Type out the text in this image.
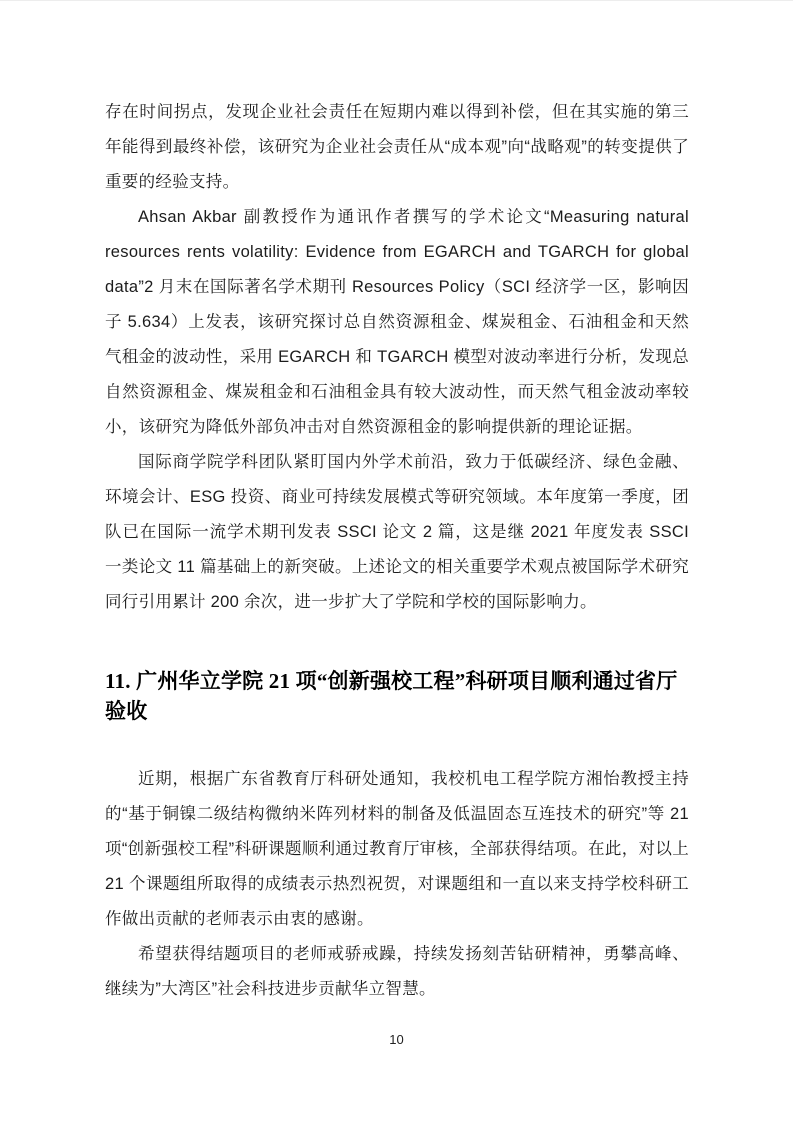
存在时间拐点，发现企业社会责任在短期内难以得到补偿，但在其实施的第三年能得到最终补偿，该研究为企业社会责任从“成本观”向“战略观”的转变提供了重要的经验支持。

Ahsan Akbar 副教授作为通讯作者撰写的学术论文“Measuring natural resources rents volatility: Evidence from EGARCH and TGARCH for global data”2 月末在国际著名学术期刊 Resources Policy（SCI 经济学一区，影响因子 5.634）上发表，该研究探讨总自然资源租金、煤炭租金、石油租金和天然气租金的波动性，采用 EGARCH 和 TGARCH 模型对波动率进行分析，发现总自然资源租金、煤炭租金和石油租金具有较大波动性，而天然气租金波动率较小，该研究为降低外部负冲击对自然资源租金的影响提供新的理论证据。

国际商学院学科团队紧盯国内外学术前沿，致力于低碳经济、绿色金融、环境会计、ESG 投资、商业可持续发展模式等研究领域。本年度第一季度，团队已在国际一流学术期刊发表 SSCI 论文 2 篇，这是继 2021 年度发表 SSCI 一类论文 11 篇基础上的新突破。上述论文的相关重要学术观点被国际学术研究同行引用累计 200 余次，进一步扩大了学院和学校的国际影响力。

11. 广州华立学院 21 项“创新强校工程”科研项目顺利通过省厅验收

近期，根据广东省教育厅科研处通知，我校机电工程学院方湘怡教授主持的“基于铜镍二级结构微纳米阵列材料的制备及低温固态互连技术的研究”等 21 项“创新强校工程”科研课题顺利通过教育厅审核，全部获得结项。在此，对以上 21 个课题组所取得的成绩表示热烈祝贺，对课题组和一直以来支持学校科研工作做出贡献的老师表示由衷的感谢。

希望获得结题项目的老师戒骄戒躁，持续发扬刻苦钻研精神，勇攀高峰、继续为”大湾区”社会科技进步贡献华立智慧。

10
